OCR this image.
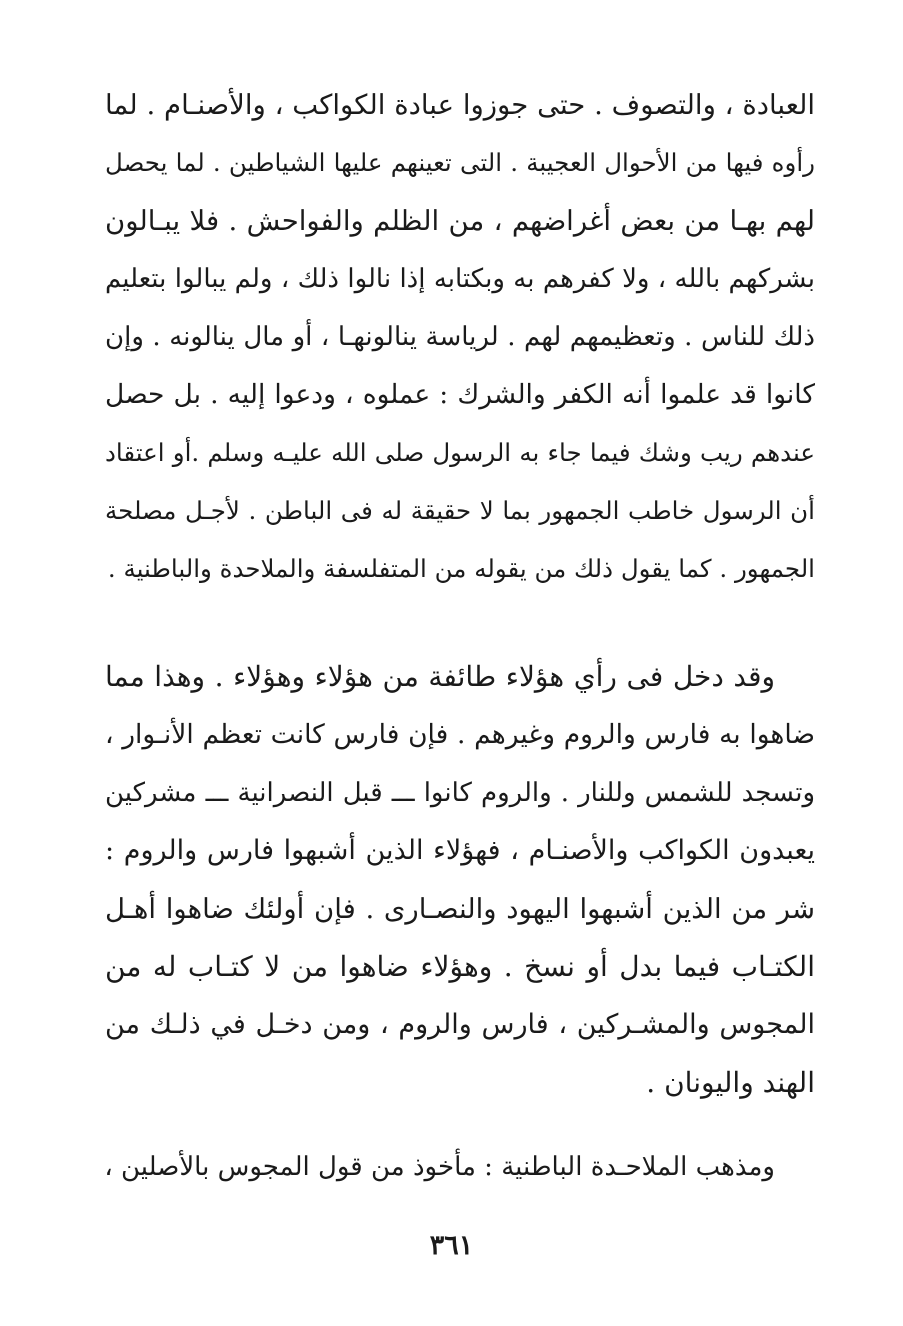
العبادة ، والتصوف . حتى جوزوا عبادة الكواكب ، والأصنـام . لما
رأوه فيها من الأحوال العجيبة . التى تعينهم عليها الشياطين . لما يحصل
لهم بهـا من بعض أغراضهم ، من الظلم والفواحش . فلا يبـالون
بشركهم بالله ، ولا كفرهم به وبكتابه إذا نالوا ذلك ، ولم يبالوا بتعليم
ذلك للناس . وتعظيمهم لهم . لرياسة ينالونهـا ، أو مال ينالونه . وإن
كانوا قد علموا أنه الكفر والشرك : عملوه ، ودعوا إليه . بل حصل
عندهم ريب وشك فيما جاء به الرسول صلى الله عليـه وسلم .أو اعتقاد
أن الرسول خاطب الجمهور بما لا حقيقة له فى الباطن . لأجـل مصلحة
الجمهور . كما يقول ذلك من يقوله من المتفلسفة والملاحدة والباطنية .
وقد دخل فى رأي هؤلاء طائفة من هؤلاء وهؤلاء . وهذا مما
ضاهوا به فارس والروم وغيرهم . فإن فارس كانت تعظم الأنـوار ،
وتسجد للشمس وللنار . والروم كانوا ـــ قبل النصرانية ـــ مشركين
يعبدون الكواكب والأصنـام ، فهؤلاء الذين أشبهوا فارس والروم :
شر من الذين أشبهوا اليهود والنصـارى . فإن أولئك ضاهوا أهـل
الكتـاب فيما بدل أو نسخ . وهؤلاء ضاهوا من لا كتـاب له من
المجوس والمشـركين ، فارس والروم ، ومن دخـل في ذلـك من
الهند واليونان .
ومذهب الملاحـدة الباطنية : مأخوذ من قول المجوس بالأصلين ،
٣٦١
